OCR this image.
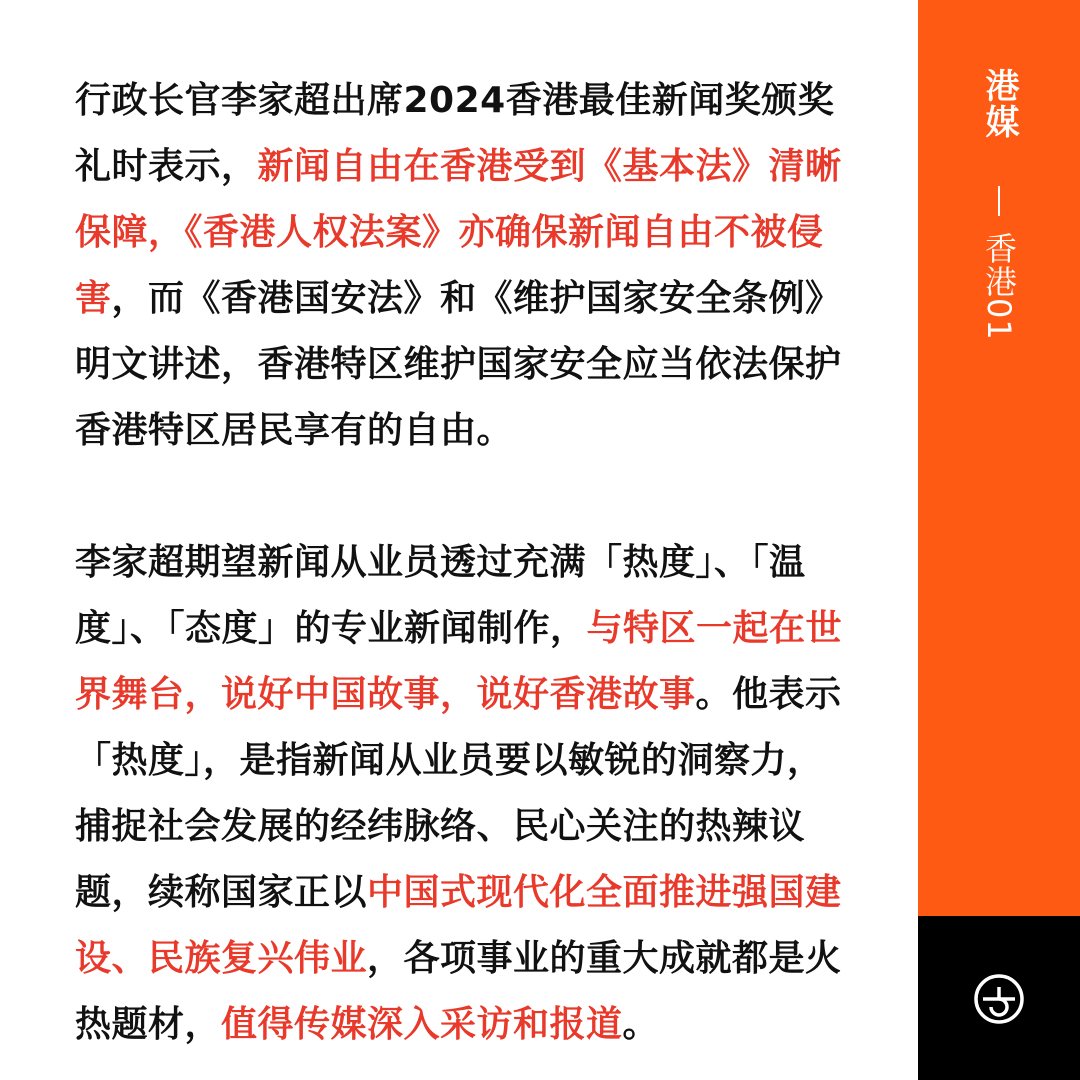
行政长官李家超出席2024香港最佳新闻奖颁奖礼时表示，新闻自由在香港受到《基本法》清晰保障，《香港人权法案》亦确保新闻自由不被侵害，而《香港国安法》和《维护国家安全条例》明文讲述，香港特区维护国家安全应当依法保护香港特区居民享有的自由。

李家超期望新闻从业员透过充满「热度」、「温度」、「态度」的专业新闻制作，与特区一起在世界舞台，说好中国故事，说好香港故事。他表示「热度」，是指新闻从业员要以敏锐的洞察力，捕捉社会发展的经纬脉络、民心关注的热辣议题，续称国家正以中国式现代化全面推进强国建设、民族复兴伟业，各项事业的重大成就都是火热题材，值得传媒深入采访和报道。

港媒
香港01
